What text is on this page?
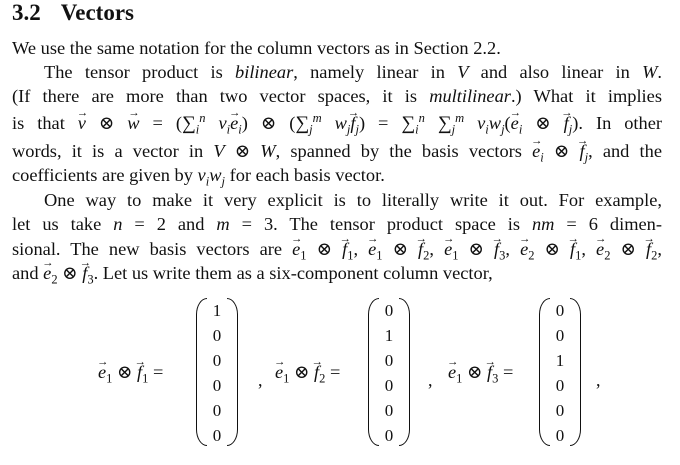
3.2 Vectors
We use the same notation for the column vectors as in Section 2.2.
The tensor product is bilinear, namely linear in V and also linear in W.
(If there are more than two vector spaces, it is multilinear.) What it implies
is that → v ⊗ → $w = (\sum_i^n$ $v_i\to e_i$) ⊗ ($\sum_j^m$ $w_j\to f_j) = \sum_i^n$ $\sum_j^m$ $v_iw_j(\to e_i$ ⊗ → $f_j$). In other
words, it is a vector in V ⊗ W, spanned by the basis vectors → $e_i$ ⊗ → $f_j$, and the
coefficients are given by $v_iw_j$ for each basis vector.
One way to make it very explicit is to literally write it out. For example,
let us take n = 2 and m = 3. The tensor product space is nm = 6 dimen-
sional. The new basis vectors are → $e_1$ ⊗ → $f_1$, → $e_1$ ⊗ → $f_2$, → $e_1$ ⊗ → $f_3$, → $e_2$ ⊗ → $f_1$, → $e_2$ ⊗ → $f_2$,
and → $e_2$ ⊗ → $f_3$. Let us write them as a six-component column vector,
→ $e_1$ ⊗ → $f_1$ =
1
0
0
0
0
0
, → $e_1$ ⊗ → $f_2$ =
0
1
0
0
0
0
, → $e_1$ ⊗ → $f_3$ =
0
0
1
0
0
0
,
